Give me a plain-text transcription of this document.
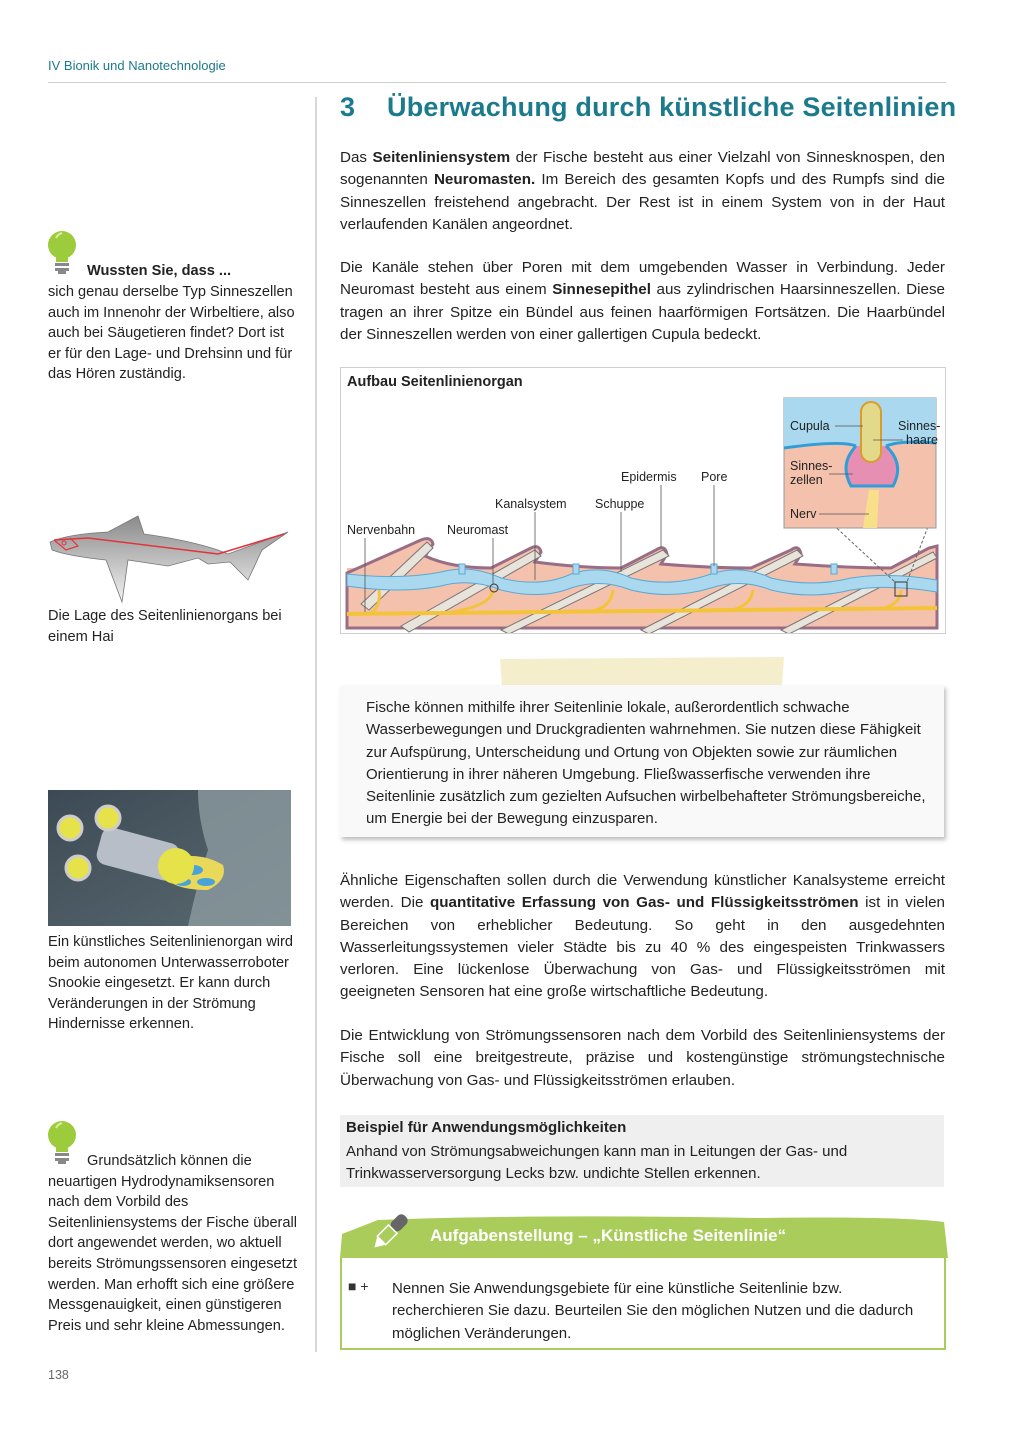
IV Bionik und Nanotechnologie
3 Überwachung durch künstliche Seitenlinien
Das Seitenliniensystem der Fische besteht aus einer Vielzahl von Sinnesknospen, den sogenannten Neuromasten. Im Bereich des gesamten Kopfs und des Rumpfs sind die Sinneszellen freistehend angebracht. Der Rest ist in einem System von in der Haut verlaufenden Kanälen angeordnet.
Die Kanäle stehen über Poren mit dem umgebenden Wasser in Verbindung. Jeder Neuromast besteht aus einem Sinnesepithel aus zylindrischen Haarsinneszellen. Diese tragen an ihrer Spitze ein Bündel aus feinen haarförmigen Fortsätzen. Die Haarbündel der Sinneszellen werden von einer gallertigen Cupula bedeckt.
Aufbau Seitenlinienorgan
Cupula	Sinnes-
haare
Sinnes-
zellen
Nerv
Nervenbahn	Neuromast
Kanalsystem Schuppe
Epidermis Pore
Fische können mithilfe ihrer Seitenlinie lokale, außerordentlich schwache Wasserbewegungen und Druckgradienten wahrnehmen. Sie nutzen diese Fähigkeit zur Aufspürung, Unterscheidung und Ortung von Objekten sowie zur räumlichen Orientierung in ihrer näheren Umgebung. Fließwasserfische verwenden ihre Seitenlinie zusätzlich zum gezielten Aufsuchen wirbelbehafteter Strömungsbereiche, um Energie bei der Bewegung einzusparen.
Ähnliche Eigenschaften sollen durch die Verwendung künstlicher Kanalsysteme erreicht werden. Die quantitative Erfassung von Gas- und Flüssigkeitsströmen ist in vielen Bereichen von erheblicher Bedeutung. So geht in den ausgedehnten Wasserleitungssystemen vieler Städte bis zu 40 % des eingespeisten Trinkwassers verloren. Eine lückenlose Überwachung von Gas- und Flüssigkeitsströmen mit geeigneten Sensoren hat eine große wirtschaftliche Bedeutung.
Die Entwicklung von Strömungssensoren nach dem Vorbild des Seitenliniensystems der Fische soll eine breitgestreute, präzise und kostengünstige strömungstechnische Überwachung von Gas- und Flüssigkeitsströmen erlauben.
Beispiel für Anwendungsmöglichkeiten
Anhand von Strömungsabweichungen kann man in Leitungen der Gas- und Trinkwasserversorgung Lecks bzw. undichte Stellen erkennen.
Aufgabenstellung – „Künstliche Seitenlinie“
■ + Nennen Sie Anwendungsgebiete für eine künstliche Seitenlinie bzw. recherchieren Sie dazu. Beurteilen Sie den möglichen Nutzen und die dadurch möglichen Veränderungen.
Wussten Sie, dass ...
sich genau derselbe Typ Sinneszellen auch im Innenohr der Wirbeltiere, also auch bei Säugetieren findet? Dort ist er für den Lage- und Drehsinn und für das Hören zuständig.
Die Lage des Seitenlinienorgans bei einem Hai
Ein künstliches Seitenlinienorgan wird beim autonomen Unterwasserroboter Snookie eingesetzt. Er kann durch Veränderungen in der Strömung Hindernisse erkennen.
Grundsätzlich können die neuartigen Hydrodynamiksensoren nach dem Vorbild des Seitenliniensystems der Fische überall dort angewendet werden, wo aktuell bereits Strömungssensoren eingesetzt werden. Man erhofft sich eine größere Messgenauigkeit, einen günstigeren Preis und sehr kleine Abmessungen.
138
